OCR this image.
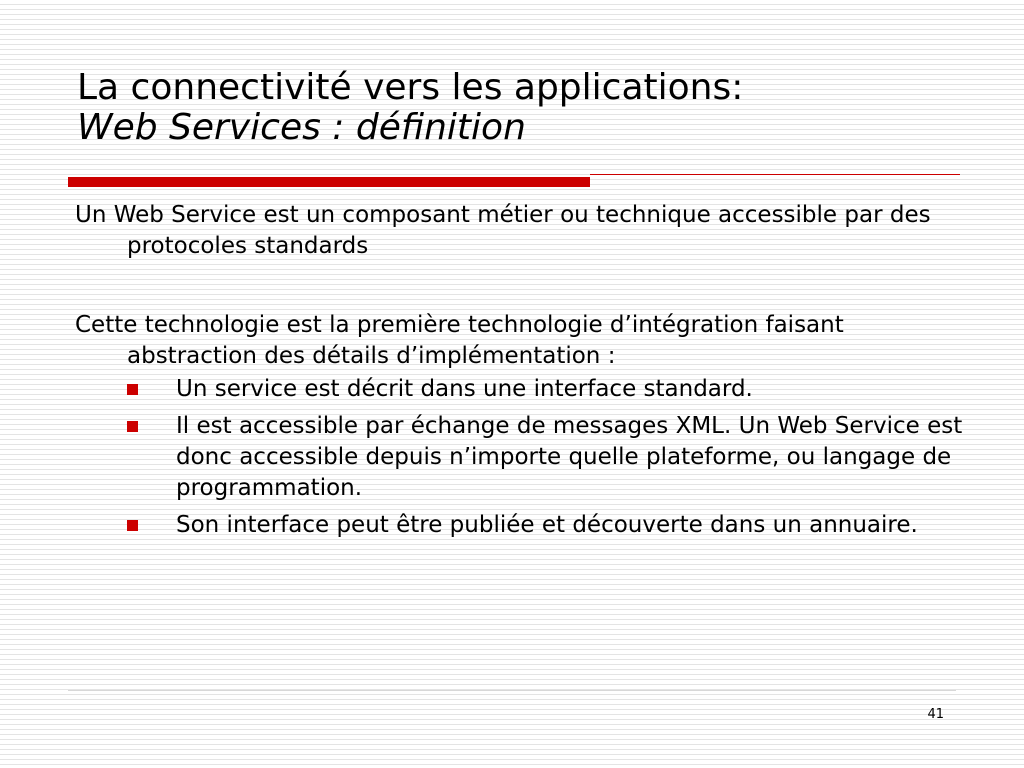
La connectivité vers les applications:
Web Services : définition

Un Web Service est un composant métier ou technique accessible par des protocoles standards

Cette technologie est la première technologie d’intégration faisant abstraction des détails d’implémentation :

Un service est décrit dans une interface standard.
Il est accessible par échange de messages XML. Un Web Service est donc accessible depuis n’importe quelle plateforme, ou langage de programmation.
Son interface peut être publiée et découverte dans un annuaire.
41
